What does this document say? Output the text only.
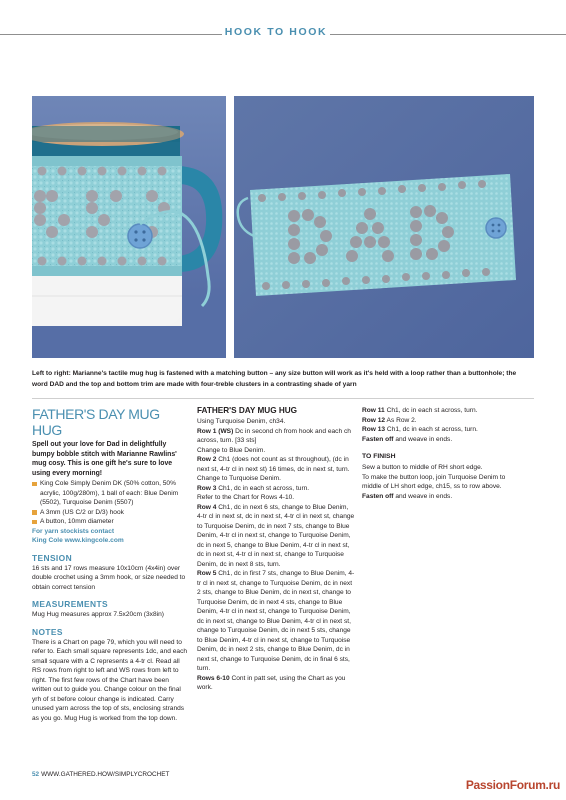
HOOK TO HOOK
Left to right: Marianne's tactile mug hug is fastened with a matching button – any size button will work as it's held with a loop rather than a buttonhole; the word DAD and the top and bottom trim are made with four-treble clusters in a contrasting shade of yarn
FATHER'S DAY MUG HUG

Spell out your love for Dad in delightfully bumpy bobble stitch with Marianne Rawlins' mug cosy. This is one gift he's sure to love using every morning!

King Cole Simply Denim DK (50% cotton, 50% acrylic, 100g/280m), 1 ball of each: Blue Denim (5502), Turquoise Denim (5507)
A 3mm (US C/2 or D/3) hook
A button, 10mm diameter
For yarn stockists contact
King Cole www.kingcole.com
TENSION

16 sts and 17 rows measure 10x10cm (4x4in) over double crochet using a 3mm hook, or size needed to obtain correct tension

MEASUREMENTS

Mug Hug measures approx 7.5x20cm (3x8in)

NOTES

There is a Chart on page 79, which you will need to refer to. Each small square represents 1dc, and each small square with a C represents a 4-tr cl. Read all RS rows from right to left and WS rows from left to right. The first few rows of the Chart have been written out to guide you. Change colour on the final yrh of st before colour change is indicated. Carry unused yarn across the top of sts, enclosing strands as you go. Mug Hug is worked from the top down.

FATHER'S DAY MUG HUG

Using Turquoise Denim, ch34.

Row 1 (WS) Dc in second ch from hook and each ch across, turn. [33 sts]

Change to Blue Denim.

Row 2 Ch1 (does not count as st throughout), (dc in next st, 4-tr cl in next st) 16 times, dc in next st, turn.

Change to Turquoise Denim.

Row 3 Ch1, dc in each st across, turn.

Refer to the Chart for Rows 4-10.

Row 4 Ch1, dc in next 6 sts, change to Blue Denim, 4-tr cl in next st, dc in next st, 4-tr cl in next st, change to Turquoise Denim, dc in next 7 sts, change to Blue Denim, 4-tr cl in next st, change to Turquoise Denim, dc in next 5, change to Blue Denim, 4-tr cl in next st, dc in next st, 4-tr cl in next st, change to Turquoise Denim, dc in next 8 sts, turn.

Row 5 Ch1, dc in first 7 sts, change to Blue Denim, 4-tr cl in next st, change to Turquoise Denim, dc in next 2 sts, change to Blue Denim, dc in next st, change to Turquoise Denim, dc in next 4 sts, change to Blue Denim, 4-tr cl in next st, change to Turquoise Denim, dc in next st, change to Blue Denim, 4-tr cl in next st, change to Turquoise Denim, dc in next 5 sts, change to Blue Denim, 4-tr cl in next st, change to Turquoise Denim, dc in next 2 sts, change to Blue Denim, dc in next st, change to Turquoise Denim, dc in final 6 sts, turn.

Rows 6-10 Cont in patt set, using the Chart as you work.

Row 11 Ch1, dc in each st across, turn.

Row 12 As Row 2.

Row 13 Ch1, dc in each st across, turn.

Fasten off and weave in ends.

TO FINISH

Sew a button to middle of RH short edge.

To make the button loop, join Turquoise Denim to middle of LH short edge, ch15, ss to row above.

Fasten off and weave in ends.

52 WWW.GATHERED.HOW/SIMPLYCROCHET
PassionForum.ru
